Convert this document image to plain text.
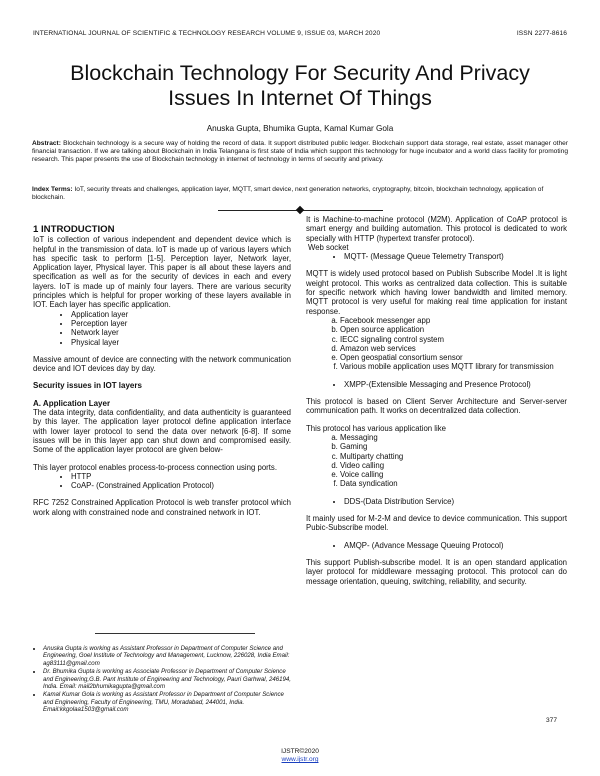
INTERNATIONAL JOURNAL OF SCIENTIFIC & TECHNOLOGY RESEARCH VOLUME 9, ISSUE 03, MARCH 2020	ISSN 2277-8616
Blockchain Technology For Security And Privacy
Issues In Internet Of Things
Anuska Gupta, Bhumika Gupta, Kamal Kumar Gola
Abstract: Blockchain technology is a secure way of holding the record of data. It support distributed public ledger. Blockchain support data storage, real estate, asset manager other financial transaction. If we are talking about Blockchain in India Telangana is first state of India which support this technology for huge incubator and a world class facility for promoting research. This paper presents the use of Blockchain technology in internet of technology in terms of security and privacy.
Index Terms: IoT, security threats and challenges, application layer, MQTT, smart device, next generation networks, cryptography, bitcoin, blockchain technology, application of blockchain.
1 INTRODUCTION

IoT is collection of various independent and dependent device which is helpful in the transmission of data. IoT is made up of various layers which has specific task to perform [1-5]. Perception layer, Network layer, Application layer, Physical layer. This paper is all about these layers and specification as well as for the security of devices in each and every layers. IoT is made up of mainly four layers. There are various security principles which is helpful for proper working of these layers available in IOT. Each layer has specific application.

• Application layer
• Perception layer
• Network layer
• Physical layer

Massive amount of device are connecting with the network communication device and IOT devices day by day.

Security issues in IOT layers

A. Application Layer

The data integrity, data confidentiality, and data authenticity is guaranteed by this layer. The application layer protocol define application interface with lower layer protocol to send the data over network [6-8]. If some issues will be in this layer app can shut down and compromised easily. Some of the application layer protocol are given below-

This layer protocol enables process-to-process connection using ports.

• HTTP
• CoAP- (Constrained Application Protocol)

RFC 7252 Constrained Application Protocol is web transfer protocol which work along with constrained node and constrained network in IOT.

• Anuska Gupta is working as Assistant Professor in Department of Computer Science and Engineering, Goel Institute of Technology and Management, Lucknow, 226028, India Email: ag83111@gmail.com
• Dr. Bhumika Gupta is working as Associate Professor in Department of Computer Science and Engineering,G.B. Pant Institute of Engineering and Technology, Pauri Garhwal, 246194, India. Email: mail2bhumikagupta@gmail.com
• Kamal Kumar Gola is working as Assistant Professor in Department of Computer Science and Engineering, Faculty of Engineering, TMU, Moradabad, 244001, India. Email:kkgolaa1503@gmail.com

It is Machine-to-machine protocol (M2M). Application of CoAP protocol is smart energy and building automation. This protocol is dedicated to work specially with HTTP (hypertext transfer protocol).

Web socket
• MQTT- (Message Queue Telemetry Transport)

MQTT is widely used protocol based on Publish Subscribe Model .It is light weight protocol. This works as centralized data collection. This is suitable for specific network which having lower bandwidth and limited memory. MQTT protocol is very useful for making real time application for instant response.

a. Facebook messenger app
b. Open source application
c. IECC signaling control system
d. Amazon web services
e. Open geospatial consortium sensor
f. Various mobile application uses MQTT library for transmission
• XMPP-(Extensible Messaging and Presence Protocol)

This protocol is based on Client Server Architecture and Server-server communication path. It works on decentralized data collection.

This protocol has various application like

a. Messaging
b. Gaming
c. Multiparty chatting
d. Video calling
e. Voice calling
f. Data syndication
• DDS-(Data Distribution Service)

It mainly used for M-2-M and device to device communication. This support Pubic-Subscribe model.

• AMQP- (Advance Message Queuing Protocol)

This support Publish-subscribe model. It is an open standard application layer protocol for middleware messaging protocol. This protocol can do message orientation, queuing, switching, reliability, and security.

377
IJSTR©2020
www.ijstr.org
